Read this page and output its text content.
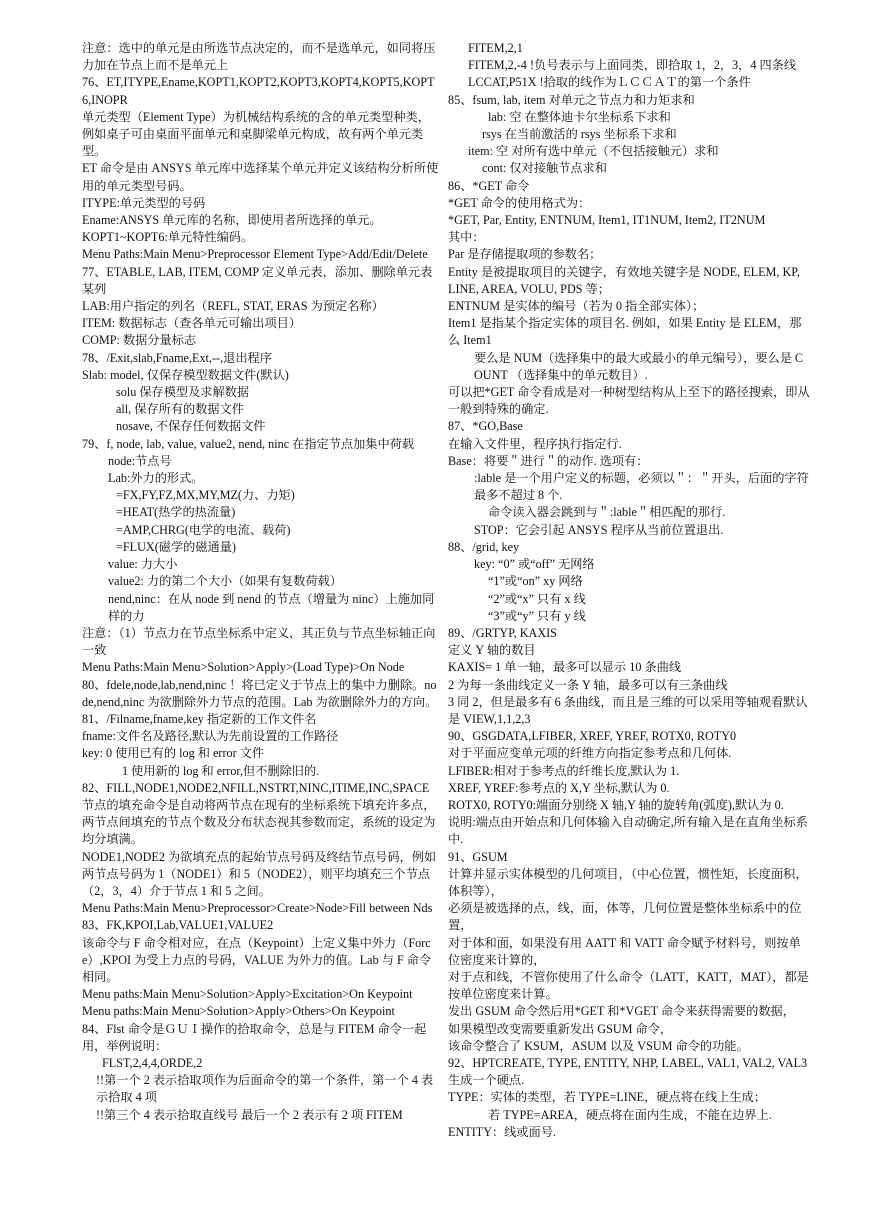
注意：选中的单元是由所选节点决定的，而不是选单元，如同将压力加在节点上而不是单元上

76、ET,ITYPE,Ename,KOPT1,KOPT2,KOPT3,KOPT4,KOPT5,KOPT6,INOPR

单元类型（Element Type）为机械结构系统的含的单元类型种类，例如桌子可由桌面平面单元和桌脚梁单元构成，故有两个单元类型。

ET 命令是由 ANSYS 单元库中选择某个单元并定义该结构分析所使用的单元类型号码。

ITYPE:单元类型的号码

Ename:ANSYS 单元库的名称，即使用者所选择的单元。

KOPT1~KOPT6:单元特性编码。

Menu Paths:Main Menu>Preprocessor Element Type>Add/Edit/Delete

77、ETABLE, LAB, ITEM, COMP 定义单元表，添加、删除单元表某列

LAB:用户指定的列名（REFL, STAT, ERAS 为预定名称）

ITEM: 数据标志（查各单元可输出项目）

COMP: 数据分量标志

78、/Exit,slab,Fname,Ext,--,退出程序

Slab: model, 仅保存模型数据文件(默认)

solu 保存模型及求解数据

all, 保存所有的数据文件

nosave, 不保存任何数据文件

79、f, node, lab, value, value2, nend, ninc 在指定节点加集中荷载

node:节点号

Lab:外力的形式。

=FX,FY,FZ,MX,MY,MZ(力、力矩)

=HEAT(热学的热流量)

=AMP,CHRG(电学的电流、载荷)

=FLUX(磁学的磁通量)

value: 力大小

value2: 力的第二个大小（如果有复数荷载）

nend,ninc：在从 node 到 nend 的节点（增量为 ninc）上施加同样的力

注意：（1）节点力在节点坐标系中定义，其正负与节点坐标轴正向一致

Menu Paths:Main Menu>Solution>Apply>(Load Type)>On Node

80、fdele,node,lab,nend,ninc ！将已定义于节点上的集中力删除。node,nend,ninc 为欲删除外力节点的范围。Lab 为欲删除外力的方向。

81、/Filname,fname,key 指定新的工作文件名

fname:文件名及路径,默认为先前设置的工作路径

key: 0 使用已有的 log 和 error 文件

1 使用新的 log 和 error,但不删除旧的.

82、FILL,NODE1,NODE2,NFILL,NSTRT,NINC,ITIME,INC,SPACE

节点的填充命令是自动将两节点在现有的坐标系统下填充许多点，两节点间填充的节点个数及分布状态视其参数而定，系统的设定为均分填满。

NODE1,NODE2 为欲填充点的起始节点号码及终结节点号码，例如两节点号码为 1（NODE1）和 5（NODE2），则平均填充三个节点（2，3，4）介于节点 1 和 5 之间。

Menu Paths:Main Menu>Preprocessor>Create>Node>Fill between Nds

83、FK,KPOI,Lab,VALUE1,VALUE2

该命令与 F 命令相对应，在点（Keypoint）上定义集中外力（Force）,KPOI 为受上力点的号码，VALUE 为外力的值。Lab 与 F 命令相同。

Menu paths:Main Menu>Solution>Apply>Excitation>On Keypoint

Menu paths:Main Menu>Solution>Apply>Others>On Keypoint

84、Flst 命令是ＧＵＩ操作的拾取命令，总是与 FITEM 命令一起用，举例说明：

FLST,2,4,4,ORDE,2

!!第一个 2 表示拾取项作为后面命令的第一个条件，第一个 4 表示拾取 4 项

!!第三个 4 表示拾取直线号 最后一个 2 表示有 2 项 FITEM

FITEM,2,1

FITEM,2,-4 !负号表示与上面同类，即拾取 1，2，3，4 四条线

LCCAT,P51X !拾取的线作为ＬＣＣＡＴ的第一个条件

85、fsum, lab, item 对单元之节点力和力矩求和

lab: 空 在整体迪卡尔坐标系下求和

rsys 在当前激活的 rsys 坐标系下求和

item: 空 对所有选中单元（不包括接触元）求和

cont: 仅对接触节点求和

86、*GET 命令

*GET 命令的使用格式为：

*GET, Par, Entity, ENTNUM, Item1, IT1NUM, Item2, IT2NUM

其中：

Par 是存储提取项的参数名；

Entity 是被提取项目的关键字，有效地关键字是 NODE, ELEM, KP, LINE, AREA, VOLU, PDS 等；

ENTNUM 是实体的编号（若为 0 指全部实体）；

Item1 是指某个指定实体的项目名. 例如，如果 Entity 是 ELEM，那么 Item1

要么是 NUM（选择集中的最大或最小的单元编号），要么是 COUNT （选择集中的单元数目）.

可以把*GET 命令看成是对一种树型结构从上至下的路径搜索，即从一般到特殊的确定.

87、*GO,Base

在输入文件里，程序执行指定行.

Base：将要＂进行＂的动作. 选项有：

:lable 是一个用户定义的标题，必须以＂：＂开头，后面的字符最多不超过 8 个.

命令读入器会跳到与＂:lable＂相匹配的那行.

STOP：它会引起 ANSYS 程序从当前位置退出.

88、/grid, key

key: “0” 或“off” 无网络

“1”或“on” xy 网络

“2”或“x” 只有 x 线

“3”或“y” 只有 y 线

89、/GRTYP, KAXIS

定义 Y 轴的数目

KAXIS= 1 单一轴，最多可以显示 10 条曲线

2 为每一条曲线定义一条 Y 轴，最多可以有三条曲线

3 同 2，但是最多有 6 条曲线，而且是三维的可以采用等轴观看默认是 VIEW,1,1,2,3

90、GSGDATA,LFIBER, XREF, YREF, ROTX0, ROTY0

对于平面应变单元项的纤维方向指定参考点和几何体.

LFIBER:相对于参考点的纤维长度,默认为 1.

XREF, YREF:参考点的 X,Y 坐标,默认为 0.

ROTX0, ROTY0:端面分别绕 X 轴,Y 轴的旋转角(弧度),默认为 0.

说明:端点由开始点和几何体输入自动确定,所有输入是在直角坐标系中.

91、GSUM

计算并显示实体模型的几何项目，（中心位置，惯性矩，长度面积，体积等），

必须是被选择的点，线，面，体等，几何位置是整体坐标系中的位置，

对于体和面，如果没有用 AATT 和 VATT 命令赋予材料号，则按单位密度来计算的，

对于点和线，不管你使用了什么命令（LATT，KATT，MAT），都是按单位密度来计算。

发出 GSUM 命令然后用*GET 和*VGET 命令来获得需要的数据，

如果模型改变需要重新发出 GSUM 命令，

该命令整合了 KSUM，ASUM 以及 VSUM 命令的功能。

92、HPTCREATE, TYPE, ENTITY, NHP, LABEL, VAL1, VAL2, VAL3

生成一个硬点.

TYPE：实体的类型，若 TYPE=LINE，硬点将在线上生成；

若 TYPE=AREA，硬点将在面内生成，不能在边界上.

ENTITY：线或面号.
